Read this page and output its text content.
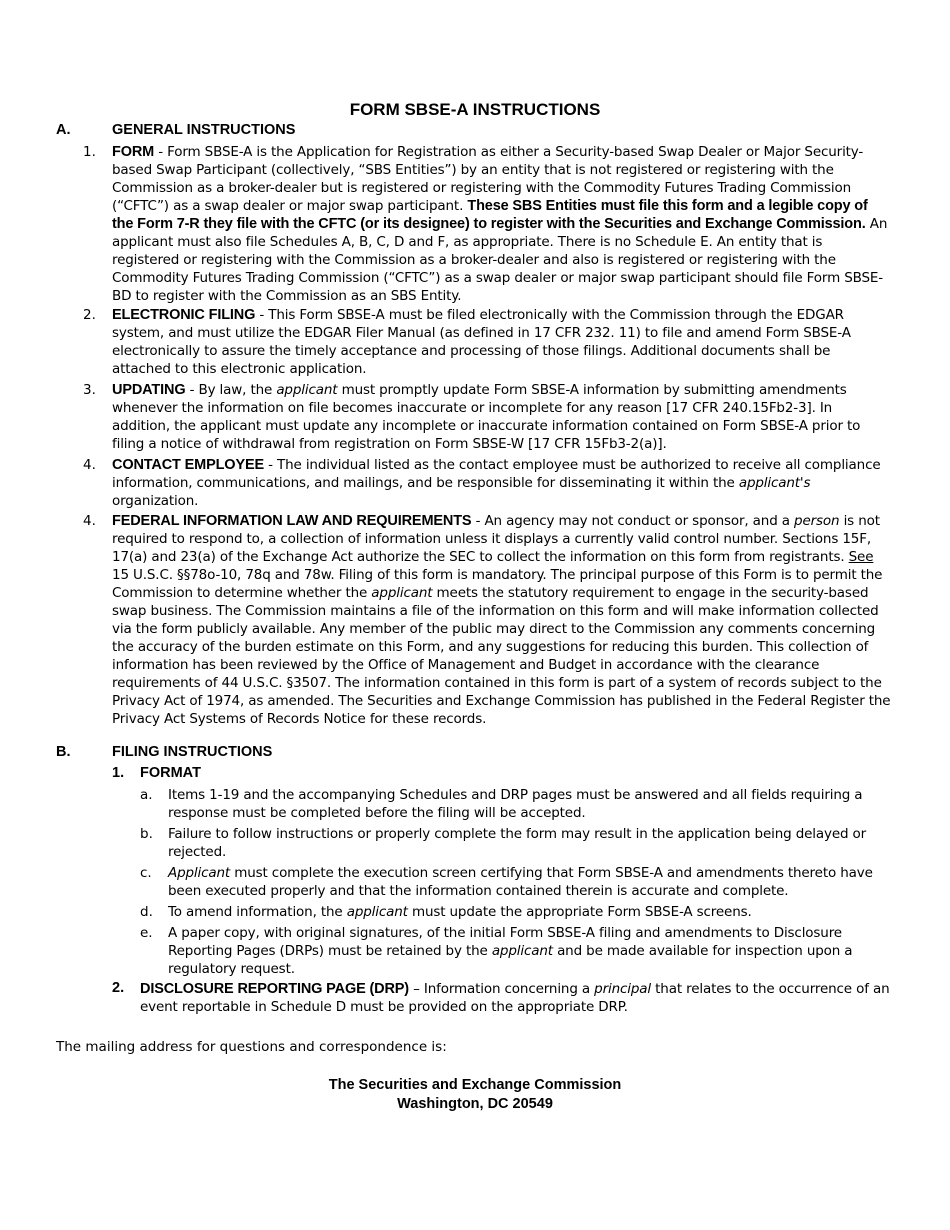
FORM SBSE-A INSTRUCTIONS
A.	GENERAL INSTRUCTIONS
1. FORM - Form SBSE-A is the Application for Registration as either a Security-based Swap Dealer or Major Security-based Swap Participant (collectively, “SBS Entities”) by an entity that is not registered or registering with the Commission as a broker-dealer but is registered or registering with the Commodity Futures Trading Commission (“CFTC”) as a swap dealer or major swap participant. These SBS Entities must file this form and a legible copy of the Form 7-R they file with the CFTC (or its designee) to register with the Securities and Exchange Commission. An applicant must also file Schedules A, B, C, D and F, as appropriate. There is no Schedule E. An entity that is registered or registering with the Commission as a broker-dealer and also is registered or registering with the Commodity Futures Trading Commission (“CFTC”) as a swap dealer or major swap participant should file Form SBSE-BD to register with the Commission as an SBS Entity.
2. ELECTRONIC FILING - This Form SBSE-A must be filed electronically with the Commission through the EDGAR system, and must utilize the EDGAR Filer Manual (as defined in 17 CFR 232. 11) to file and amend Form SBSE-A electronically to assure the timely acceptance and processing of those filings. Additional documents shall be attached to this electronic application.
3. UPDATING - By law, the applicant must promptly update Form SBSE-A information by submitting amendments whenever the information on file becomes inaccurate or incomplete for any reason [17 CFR 240.15Fb2-3]. In addition, the applicant must update any incomplete or inaccurate information contained on Form SBSE-A prior to filing a notice of withdrawal from registration on Form SBSE-W [17 CFR 15Fb3-2(a)].
4. CONTACT EMPLOYEE - The individual listed as the contact employee must be authorized to receive all compliance information, communications, and mailings, and be responsible for disseminating it within the applicant's organization.
4. FEDERAL INFORMATION LAW AND REQUIREMENTS - An agency may not conduct or sponsor, and a person is not required to respond to, a collection of information unless it displays a currently valid control number. Sections 15F, 17(a) and 23(a) of the Exchange Act authorize the SEC to collect the information on this form from registrants. See 15 U.S.C. §§78o-10, 78q and 78w. Filing of this form is mandatory. The principal purpose of this Form is to permit the Commission to determine whether the applicant meets the statutory requirement to engage in the security-based swap business. The Commission maintains a file of the information on this form and will make information collected via the form publicly available. Any member of the public may direct to the Commission any comments concerning the accuracy of the burden estimate on this Form, and any suggestions for reducing this burden. This collection of information has been reviewed by the Office of Management and Budget in accordance with the clearance requirements of 44 U.S.C. §3507. The information contained in this form is part of a system of records subject to the Privacy Act of 1974, as amended. The Securities and Exchange Commission has published in the Federal Register the Privacy Act Systems of Records Notice for these records.
B.	FILING INSTRUCTIONS
1. FORMAT
a. Items 1-19 and the accompanying Schedules and DRP pages must be answered and all fields requiring a response must be completed before the filing will be accepted.
b. Failure to follow instructions or properly complete the form may result in the application being delayed or rejected.
c. Applicant must complete the execution screen certifying that Form SBSE-A and amendments thereto have been executed properly and that the information contained therein is accurate and complete.
d. To amend information, the applicant must update the appropriate Form SBSE-A screens.
e. A paper copy, with original signatures, of the initial Form SBSE-A filing and amendments to Disclosure Reporting Pages (DRPs) must be retained by the applicant and be made available for inspection upon a regulatory request.
2. DISCLOSURE REPORTING PAGE (DRP) – Information concerning a principal that relates to the occurrence of an event reportable in Schedule D must be provided on the appropriate DRP.
The mailing address for questions and correspondence is:
The Securities and Exchange Commission
Washington, DC 20549
